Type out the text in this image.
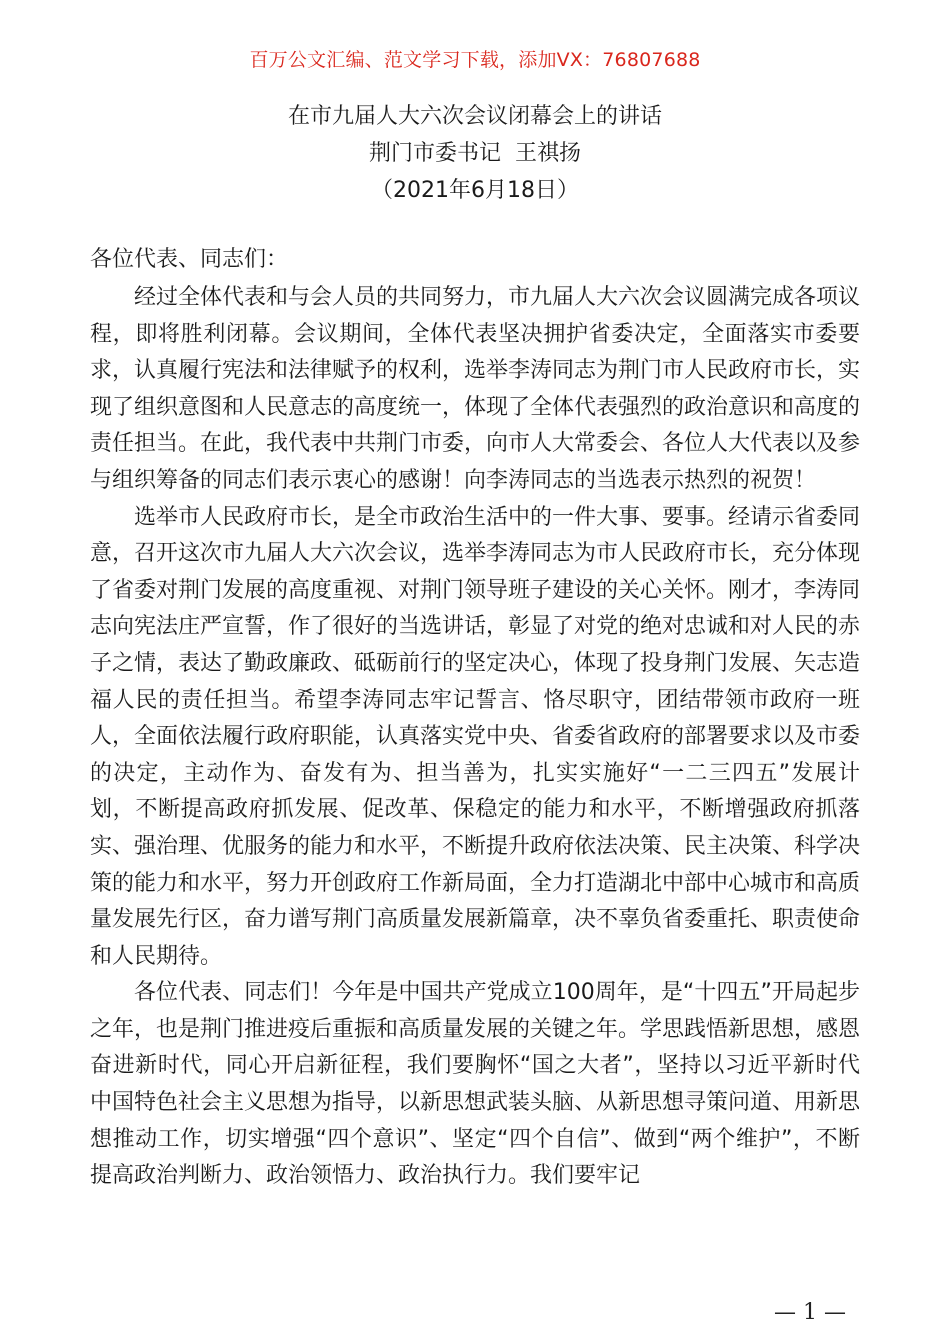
百万公文汇编、范文学习下载，添加VX：76807688
在市九届人大六次会议闭幕会上的讲话
荆门市委书记  王祺扬
（2021年6月18日）
各位代表、同志们：

经过全体代表和与会人员的共同努力，市九届人大六次会议圆满完成各项议程，即将胜利闭幕。会议期间，全体代表坚决拥护省委决定，全面落实市委要求，认真履行宪法和法律赋予的权利，选举李涛同志为荆门市人民政府市长，实现了组织意图和人民意志的高度统一，体现了全体代表强烈的政治意识和高度的责任担当。在此，我代表中共荆门市委，向市人大常委会、各位人大代表以及参与组织筹备的同志们表示衷心的感谢！向李涛同志的当选表示热烈的祝贺！

选举市人民政府市长，是全市政治生活中的一件大事、要事。经请示省委同意，召开这次市九届人大六次会议，选举李涛同志为市人民政府市长，充分体现了省委对荆门发展的高度重视、对荆门领导班子建设的关心关怀。刚才，李涛同志向宪法庄严宣誓，作了很好的当选讲话，彰显了对党的绝对忠诚和对人民的赤子之情，表达了勤政廉政、砥砺前行的坚定决心，体现了投身荆门发展、矢志造福人民的责任担当。希望李涛同志牢记誓言、恪尽职守，团结带领市政府一班人，全面依法履行政府职能，认真落实党中央、省委省政府的部署要求以及市委的决定，主动作为、奋发有为、担当善为，扎实实施好“一二三四五”发展计划，不断提高政府抓发展、促改革、保稳定的能力和水平，不断增强政府抓落实、强治理、优服务的能力和水平，不断提升政府依法决策、民主决策、科学决策的能力和水平，努力开创政府工作新局面，全力打造湖北中部中心城市和高质量发展先行区，奋力谱写荆门高质量发展新篇章，决不辜负省委重托、职责使命和人民期待。

各位代表、同志们！今年是中国共产党成立100周年，是“十四五”开局起步之年，也是荆门推进疫后重振和高质量发展的关键之年。学思践悟新思想，感恩奋进新时代，同心开启新征程，我们要胸怀“国之大者”，坚持以习近平新时代中国特色社会主义思想为指导，以新思想武装头脑、从新思想寻策问道、用新思想推动工作，切实增强“四个意识”、坚定“四个自信”、做到“两个维护”，不断提高政治判断力、政治领悟力、政治执行力。我们要牢记

— 1 —
